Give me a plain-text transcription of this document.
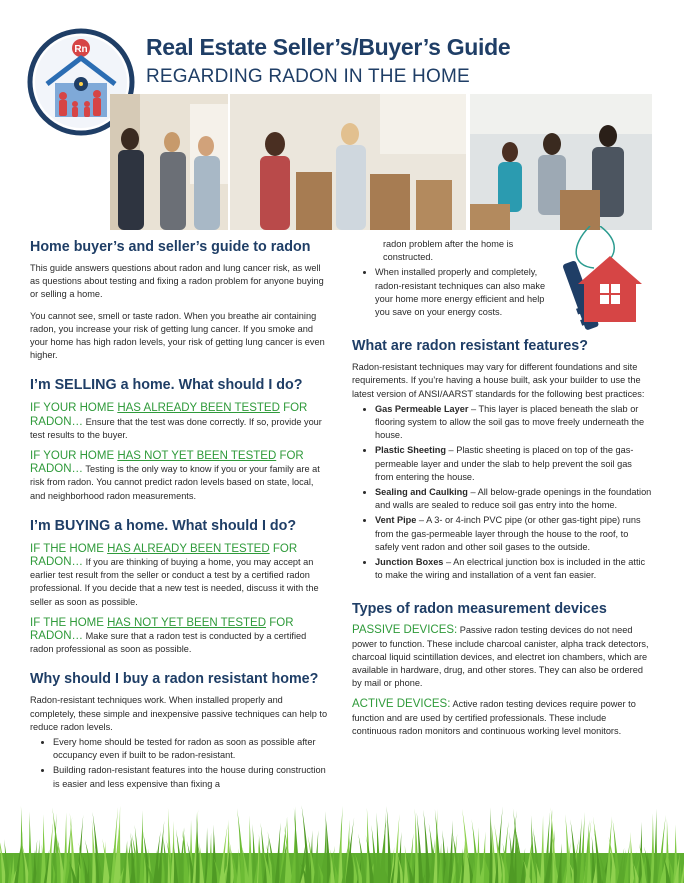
Rn	Real Estate Seller’s/Buyer’s Guide
REGARDING RADON IN THE HOME
Home buyer’s and seller’s guide to radon

This guide answers questions about radon and lung cancer risk, as well as questions about testing and fixing a radon problem for anyone buying or selling a home.

You cannot see, smell or taste radon. When you breathe air containing radon, you increase your risk of getting lung cancer. If you smoke and your home has high radon levels, your risk of getting lung cancer is even higher.

I’m SELLING a home. What should I do?

IF YOUR HOME HAS ALREADY BEEN TESTED FOR RADON… Ensure that the test was done correctly. If so, provide your test results to the buyer.

IF YOUR HOME HAS NOT YET BEEN TESTED FOR RADON… Testing is the only way to know if you or your family are at risk from radon. You cannot predict radon levels based on state, local, and neighborhood radon measurements.

I’m BUYING a home. What should I do?

IF THE HOME HAS ALREADY BEEN TESTED FOR RADON… If you are thinking of buying a home, you may accept an earlier test result from the seller or conduct a test by a certified radon professional. If you decide that a new test is needed, discuss it with the seller as soon as possible.

IF THE HOME HAS NOT YET BEEN TESTED FOR RADON… Make sure that a radon test is conducted by a certified radon professional as soon as possible.

Why should I buy a radon resistant home?

Radon-resistant techniques work. When installed properly and completely, these simple and inexpensive passive techniques can help to reduce radon levels.

• Every home should be tested for radon as soon as possible after occupancy even if built to be radon-resistant.
• Building radon-resistant features into the house during construction is easier and less expensive than fixing a
radon problem after the home is constructed.
• When installed properly and completely, radon-resistant techniques can also make your home more energy efficient and help you save on your energy costs.
What are radon resistant features?

Radon-resistant techniques may vary for different foundations and site requirements. If you’re having a house built, ask your builder to use the latest version of ANSI/AARST standards for the following best practices:

• Gas Permeable Layer – This layer is placed beneath the slab or flooring system to allow the soil gas to move freely underneath the house.
• Plastic Sheeting – Plastic sheeting is placed on top of the gas-permeable layer and under the slab to help prevent the soil gas from entering the house.
• Sealing and Caulking – All below-grade openings in the foundation and walls are sealed to reduce soil gas entry into the home.
• Vent Pipe – A 3- or 4-inch PVC pipe (or other gas-tight pipe) runs from the gas-permeable layer through the house to the roof, to safely vent radon and other soil gases to the outside.
• Junction Boxes – An electrical junction box is included in the attic to make the wiring and installation of a vent fan easier.
Types of radon measurement devices

PASSIVE DEVICES: Passive radon testing devices do not need power to function. These include charcoal canister, alpha track detectors, charcoal liquid scintillation devices, and electret ion chambers, which are available in hardware, drug, and other stores. They can also be ordered by mail or phone.

ACTIVE DEVICES: Active radon testing devices require power to function and are used by certified professionals. These include continuous radon monitors and continuous working level monitors.
